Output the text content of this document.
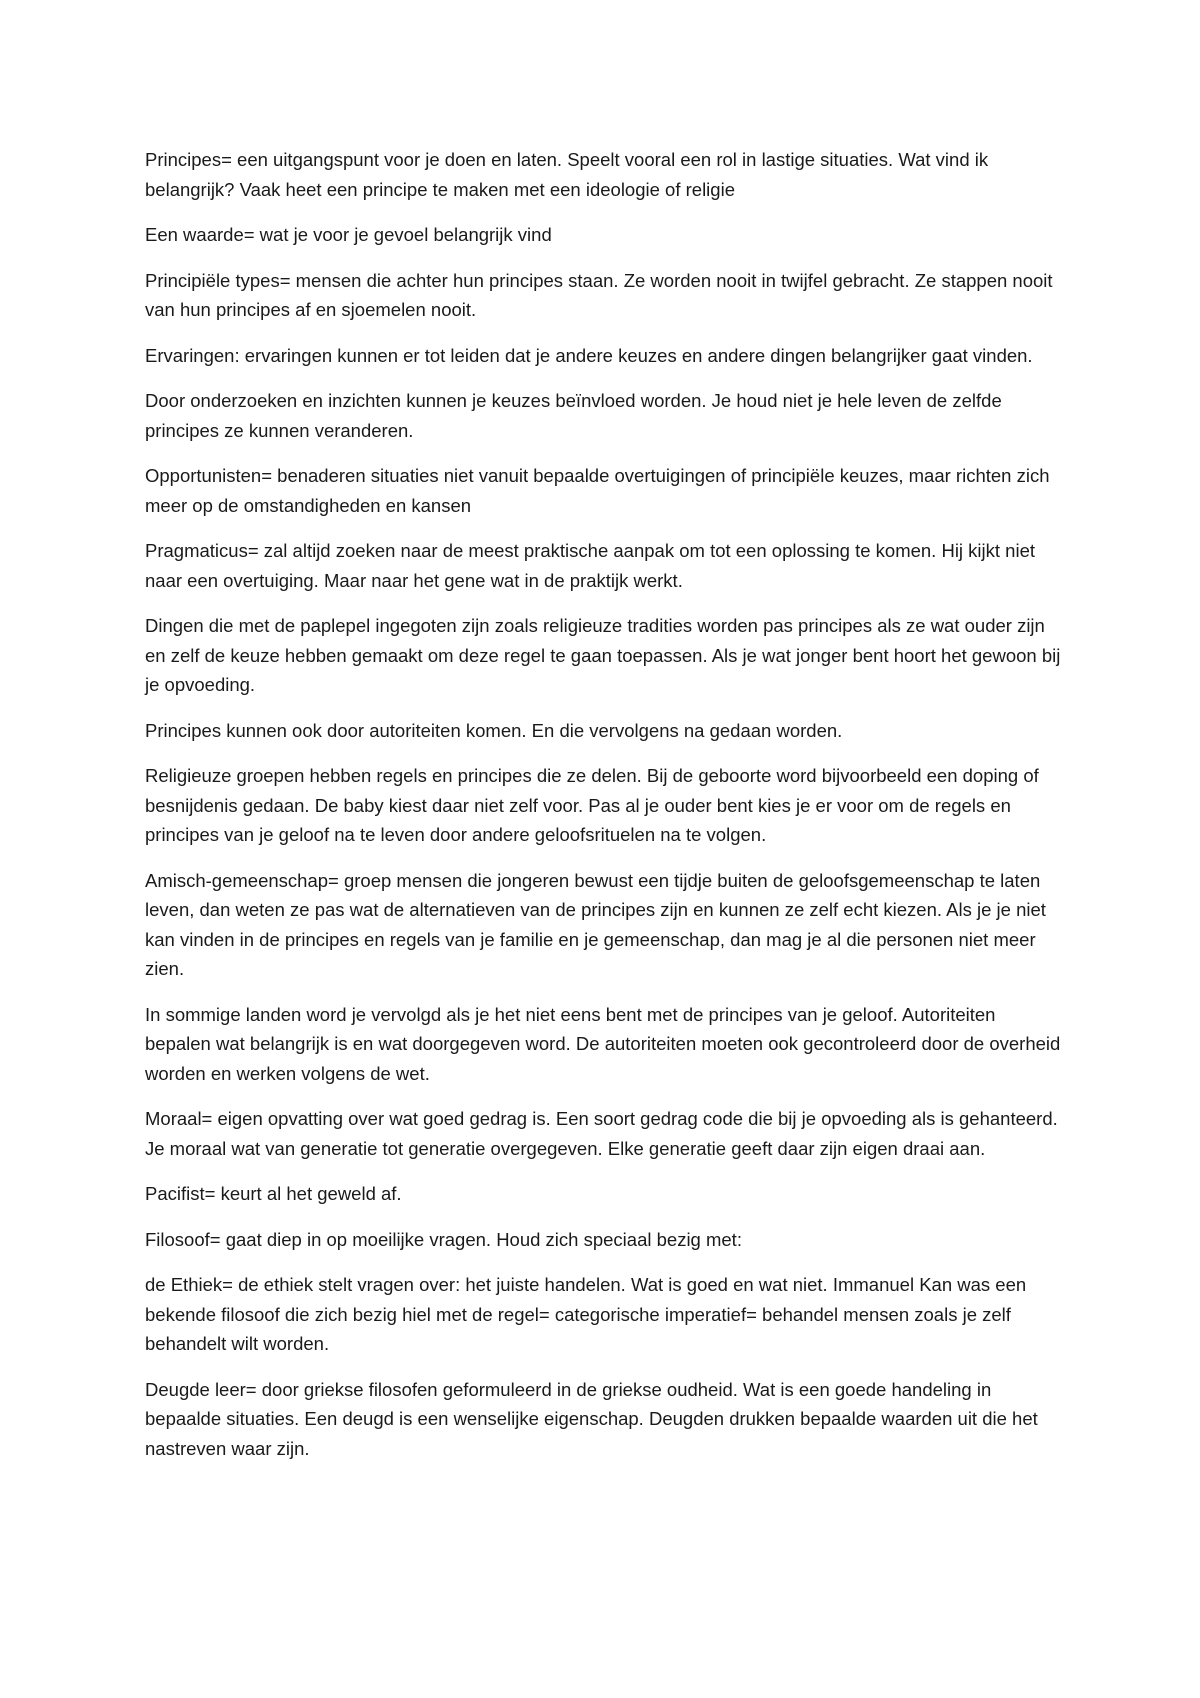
Principes= een uitgangspunt voor je doen en laten. Speelt vooral een rol in lastige situaties. Wat vind ik belangrijk? Vaak heet een principe te maken met een ideologie of religie

Een waarde= wat je voor je gevoel belangrijk vind

Principiële types= mensen die achter hun principes staan. Ze worden nooit in twijfel gebracht. Ze stappen nooit van hun principes af en sjoemelen nooit.

Ervaringen: ervaringen kunnen er tot leiden dat je andere keuzes en andere dingen belangrijker gaat vinden.

Door onderzoeken en inzichten kunnen je keuzes beïnvloed worden. Je houd niet je hele leven de zelfde principes ze kunnen veranderen.

Opportunisten= benaderen situaties niet vanuit bepaalde overtuigingen of principiële keuzes, maar richten zich meer op de omstandigheden en kansen

Pragmaticus= zal altijd zoeken naar de meest praktische aanpak om tot een oplossing te komen. Hij kijkt niet naar een overtuiging. Maar naar het gene wat in de praktijk werkt.

Dingen die met de paplepel ingegoten zijn zoals religieuze tradities worden pas principes als ze wat ouder zijn en zelf de keuze hebben gemaakt om deze regel te gaan toepassen. Als je wat jonger bent hoort het gewoon bij je opvoeding.

Principes kunnen ook door autoriteiten komen. En die vervolgens na gedaan worden.

Religieuze groepen hebben regels en principes die ze delen. Bij de geboorte word bijvoorbeeld een doping of besnijdenis gedaan. De baby kiest daar niet zelf voor. Pas al je ouder bent kies je er voor om de regels en principes van je geloof na te leven door andere geloofsrituelen na te volgen.

Amisch-gemeenschap= groep mensen die jongeren bewust een tijdje buiten de geloofsgemeenschap te laten leven, dan weten ze pas wat de alternatieven van de principes zijn en kunnen ze zelf echt kiezen. Als je je niet kan vinden in de principes en regels van je familie en je gemeenschap, dan mag je al die personen niet meer zien.

In sommige landen word je vervolgd als je het niet eens bent met de principes van je geloof. Autoriteiten bepalen wat belangrijk is en wat doorgegeven word. De autoriteiten moeten ook gecontroleerd door de overheid worden en werken volgens de wet.

Moraal= eigen opvatting over wat goed gedrag is. Een soort gedrag code die bij je opvoeding als is gehanteerd. Je moraal wat van generatie tot generatie overgegeven. Elke generatie geeft daar zijn eigen draai aan.

Pacifist= keurt al het geweld af.

Filosoof= gaat diep in op moeilijke vragen. Houd zich speciaal bezig met:

de Ethiek= de ethiek stelt vragen over: het juiste handelen. Wat is goed en wat niet. Immanuel Kan was een bekende filosoof die zich bezig hiel met de regel= categorische imperatief= behandel mensen zoals je zelf behandelt wilt worden.

Deugde leer= door griekse filosofen geformuleerd in de griekse oudheid. Wat is een goede handeling in bepaalde situaties. Een deugd is een wenselijke eigenschap. Deugden drukken bepaalde waarden uit die het nastreven waar zijn.
